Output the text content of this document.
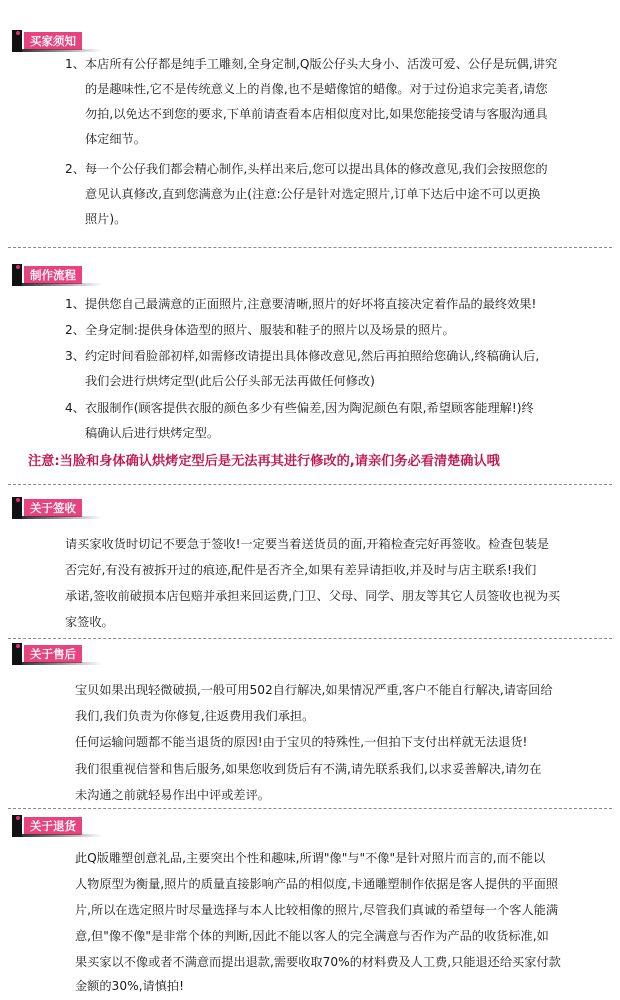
买家须知

1、本店所有公仔都是纯手工雕刻,全身定制,Q版公仔头大身小、活泼可爱、公仔是玩偶,讲究

的是趣味性,它不是传统意义上的肖像,也不是蜡像馆的蜡像。对于过份追求完美者,请您

勿拍,以免达不到您的要求,下单前请查看本店相似度对比,如果您能接受请与客服沟通具

体定细节。

2、每一个公仔我们都会精心制作,头样出来后,您可以提出具体的修改意见,我们会按照您的

意见认真修改,直到您满意为止(注意:公仔是针对选定照片,订单下达后中途不可以更换

照片)。

制作流程

1、提供您自己最满意的正面照片,注意要清晰,照片的好坏将直接决定着作品的最终效果!

2、全身定制:提供身体造型的照片、服装和鞋子的照片以及场景的照片。

3、约定时间看脸部初样,如需修改请提出具体修改意见,然后再拍照给您确认,终稿确认后,

我们会进行烘烤定型(此后公仔头部无法再做任何修改)

4、衣服制作(顾客提供衣服的颜色多少有些偏差,因为陶泥颜色有限,希望顾客能理解!)终

稿确认后进行烘烤定型。

注意:当脸和身体确认烘烤定型后是无法再其进行修改的,请亲们务必看清楚确认哦

关于签收

请买家收货时切记不要急于签收!一定要当着送货员的面,开箱检查完好再签收。检查包装是

否完好,有没有被拆开过的痕迹,配件是否齐全,如果有差异请拒收,并及时与店主联系!我们

承诺,签收前破损本店包赔并承担来回运费,门卫、父母、同学、朋友等其它人员签收也视为买

家签收。

关于售后

宝贝如果出现轻微破损,一般可用502自行解决,如果情况严重,客户不能自行解决,请寄回给

我们,我们负责为你修复,往返费用我们承担。

任何运输问题都不能当退货的原因!由于宝贝的特殊性,一但拍下支付出样就无法退货!

我们很重视信誉和售后服务,如果您收到货后有不满,请先联系我们,以求妥善解决,请勿在

未沟通之前就轻易作出中评或差评。

关于退货

此Q版雕塑创意礼品,主要突出个性和趣味,所谓"像"与"不像"是针对照片而言的,而不能以

人物原型为衡量,照片的质量直接影响产品的相似度,卡通雕塑制作依据是客人提供的平面照

片,所以在选定照片时尽量选择与本人比较相像的照片,尽管我们真诚的希望每一个客人能满

意,但"像不像"是非常个体的判断,因此不能以客人的完全满意与否作为产品的收货标准,如

果买家以不像或者不满意而提出退款,需要收取70%的材料费及人工费,只能退还给买家付款

金额的30%,请慎拍!
